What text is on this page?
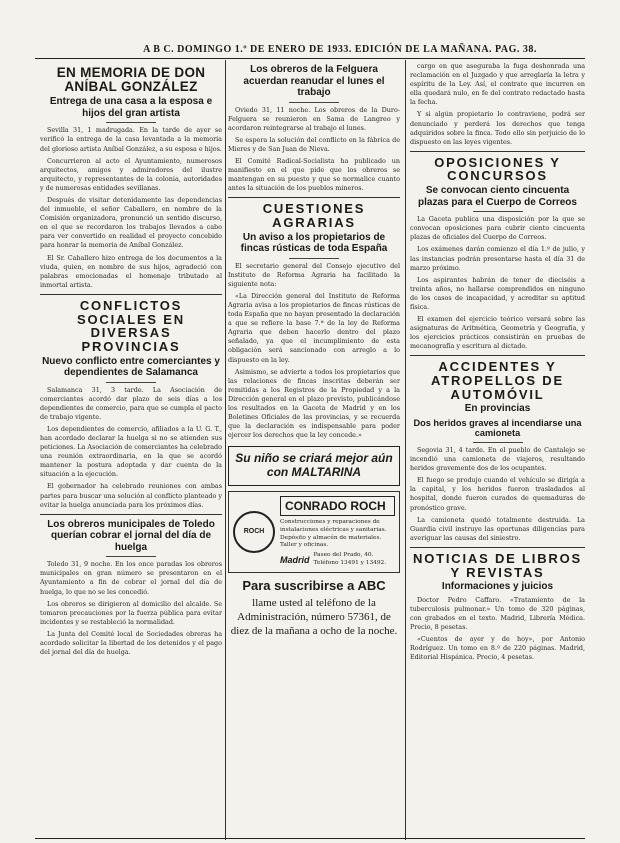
A B C. DOMINGO 1.º DE ENERO DE 1933. EDICIÓN DE LA MAÑANA. PAG. 38.
EN MEMORIA DE DON ANÍBAL GONZÁLEZ
Entrega de una casa a la esposa e hijos del gran artista

Sevilla 31, 1 madrugada. En la tarde de ayer se verificó la entrega de la casa levantada a la memoria del glorioso artista Aníbal González, a su esposa e hijos.

Concurrieron al acto el Ayuntamiento, numerosos arquitectos, amigos y admiradores del ilustre arquitecto, y representantes de la colonia, autoridades y de numerosas entidades sevillanas.

Después de visitar detenidamente las dependencias del inmueble, el señor Caballero, en nombre de la Comisión organizadora, pronunció un sentido discurso, en el que se recordaron los trabajos llevados a cabo para ver convertido en realidad el proyecto concebido para honrar la memoria de Aníbal González.

El Sr. Caballero hizo entrega de los documentos a la viuda, quien, en nombre de sus hijos, agradeció con palabras emocionadas el homenaje tributado al inmortal artista.

CONFLICTOS SOCIALES EN DIVERSAS PROVINCIAS
Nuevo conflicto entre comerciantes y dependientes de Salamanca

Salamanca 31, 3 tarde. La Asociación de comerciantes acordó dar plazo de seis días a los dependientes de comercio, para que se cumpla el pacto de trabajo vigente.

Los dependientes de comercio, afiliados a la U. G. T., han acordado declarar la huelga si no se atienden sus peticiones. La Asociación de comerciantes ha celebrado una reunión extraordinaria, en la que se acordó mantener la postura adoptada y dar cuenta de la situación a la ejecución.

El gobernador ha celebrado reuniones con ambas partes para buscar una solución al conflicto planteado y evitar la huelga anunciada para los próximos días.

Los obreros municipales de Toledo querían cobrar el jornal del día de huelga

Toledo 31, 9 noche. En los once paradas los obreros municipales en gran número se presentaron en el Ayuntamiento a fin de cobrar el jornal del día de huelga, lo que no se les concedió.

Los obreros se dirigieron al domicilio del alcalde. Se tomaron precauciones por la fuerza pública para evitar incidentes y se restableció la normalidad.

La Junta del Comité local de Sociedades obreras ha acordado solicitar la libertad de los detenidos y el pago del jornal del día de huelga.

Los obreros de la Felguera acuerdan reanudar el lunes el trabajo

Oviedo 31, 11 noche. Los obreros de la Duro-Felguera se reunieron en Sama de Langreo y acordaron reintegrarse al trabajo el lunes.

Se espera la solución del conflicto en la fábrica de Mieres y de San Juan de Nieva.

El Comité Radical-Socialista ha publicado un manifiesto en el que pide que los obreros se mantengan en su puesto y que se normalice cuanto antes la situación de los pueblos mineros.

CUESTIONES AGRARIAS
Un aviso a los propietarios de fincas rústicas de toda España

El secretario general del Consejo ejecutivo del Instituto de Reforma Agraria ha facilitado la siguiente nota:

«La Dirección general del Instituto de Reforma Agraria avisa a los propietarios de fincas rústicas de toda España que no hayan presentado la declaración a que se refiere la base 7.ª de la ley de Reforma Agraria que deben hacerlo dentro del plazo señalado, ya que el incumplimiento de esta obligación será sancionado con arreglo a lo dispuesto en la ley.

Asimismo, se advierte a todos los propietarios que las relaciones de fincas inscritas deberán ser remitidas a los Registros de la Propiedad y a la Dirección general en el plazo previsto, publicándose los resultados en la Gaceta de Madrid y en los Boletines Oficiales de las provincias, y se recuerda que la declaración es indispensable para poder ejercer los derechos que la ley concede.»

Su niño se criará mejor aún con MALTARINA
ROCH
CONRADO ROCH
Construcciones y reparaciones de instalaciones eléctricas y sanitarias.
Depósito y almacén de materiales. Taller y oficinas.
Madrid Paseo del Prado, 40. Teléfono 13491 y 13492.
Para suscribirse a ABC
llame usted al teléfono de la Administración, número 57361, de diez de la mañana a ocho de la noche.

cargo en que aseguraba la fuga deshonrada una reclamación en el Juzgado y que arreglaría la letra y espíritu de la Ley. Así, el contrato que incurren en ella quedará nulo, en fe del contrato redactado hasta la fecha.

Y si algún propietario lo contraviene, podrá ser denunciado y perderá los derechos que tenga adquiridos sobre la finca. Todo ello sin perjuicio de lo dispuesto en las leyes vigentes.

OPOSICIONES Y CONCURSOS
Se convocan ciento cincuenta plazas para el Cuerpo de Correos

La Gaceta publica una disposición por la que se convocan oposiciones para cubrir ciento cincuenta plazas de oficiales del Cuerpo de Correos.

Los exámenes darán comienzo el día 1.º de julio, y las instancias podrán presentarse hasta el día 31 de marzo próximo.

Los aspirantes habrán de tener de dieciséis a treinta años, no hallarse comprendidos en ninguno de los casos de incapacidad, y acreditar su aptitud física.

El examen del ejercicio teórico versará sobre las asignaturas de Aritmética, Geometría y Geografía, y los ejercicios prácticos consistirán en pruebas de mecanografía y escritura al dictado.

ACCIDENTES Y ATROPELLOS DE AUTOMÓVIL
En provincias
Dos heridos graves al incendiarse una camioneta

Segovia 31, 4 tarde. En el pueblo de Cantalejo se incendió una camioneta de viajeros, resultando heridos gravemente dos de los ocupantes.

El fuego se produjo cuando el vehículo se dirigía a la capital, y los heridos fueron trasladados al hospital, donde fueron curados de quemaduras de pronóstico grave.

La camioneta quedó totalmente destruida. La Guardia civil instruye las oportunas diligencias para averiguar las causas del siniestro.

NOTICIAS DE LIBROS Y REVISTAS
Informaciones y juicios

Doctor Pedro Caffaro. «Tratamiento de la tuberculosis pulmonar.» Un tomo de 320 páginas, con grabados en el texto. Madrid, Librería Médica. Precio, 8 pesetas.

«Cuentos de ayer y de hoy», por Antonio Rodríguez. Un tomo en 8.º de 220 páginas. Madrid, Editorial Hispánica. Precio, 4 pesetas.
